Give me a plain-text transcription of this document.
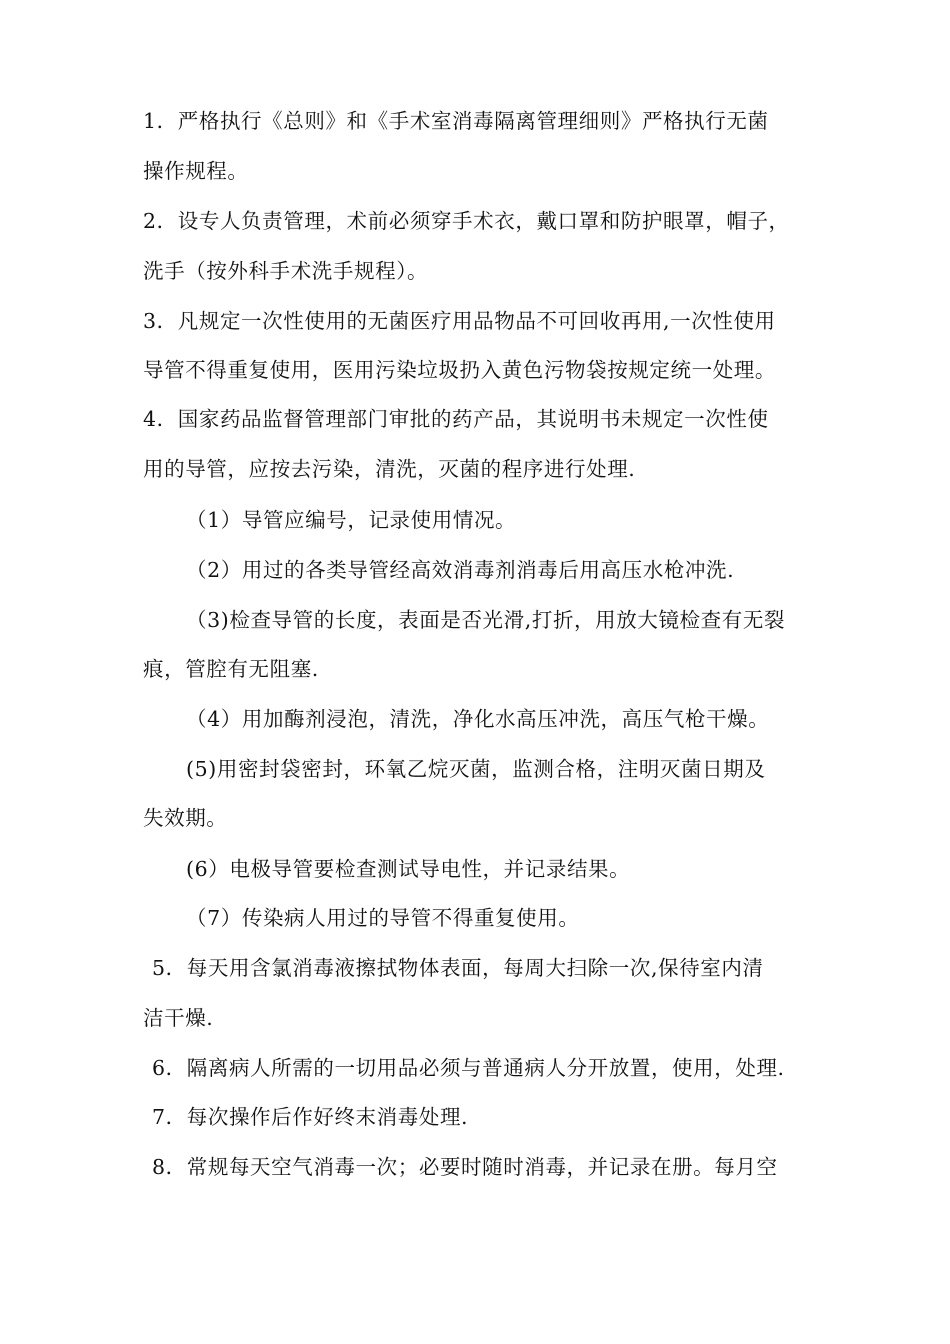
1．严格执行《总则》和《手术室消毒隔离管理细则》严格执行无菌
操作规程。
2．设专人负责管理，术前必须穿手术衣，戴口罩和防护眼罩，帽子，
洗手（按外科手术洗手规程）。
3．凡规定一次性使用的无菌医疗用品物品不可回收再用,一次性使用
导管不得重复使用，医用污染垃圾扔入黄色污物袋按规定统一处理。
4．国家药品监督管理部门审批的药产品，其说明书未规定一次性使
用的导管，应按去污染，清洗，灭菌的程序进行处理.
（1）导管应编号，记录使用情况。
（2）用过的各类导管经高效消毒剂消毒后用高压水枪冲洗.
（3)检查导管的长度，表面是否光滑,打折，用放大镜检查有无裂
痕，管腔有无阻塞.
（4）用加酶剂浸泡，清洗，净化水高压冲洗，高压气枪干燥。
(5)用密封袋密封，环氧乙烷灭菌，监测合格，注明灭菌日期及
失效期。
(6）电极导管要检查测试导电性，并记录结果。
（7）传染病人用过的导管不得重复使用。
5．每天用含氯消毒液擦拭物体表面，每周大扫除一次,保待室内清
洁干燥.
6．隔离病人所需的一切用品必须与普通病人分开放置，使用，处理.
7．每次操作后作好终末消毒处理.
8．常规每天空气消毒一次；必要时随时消毒，并记录在册。每月空
